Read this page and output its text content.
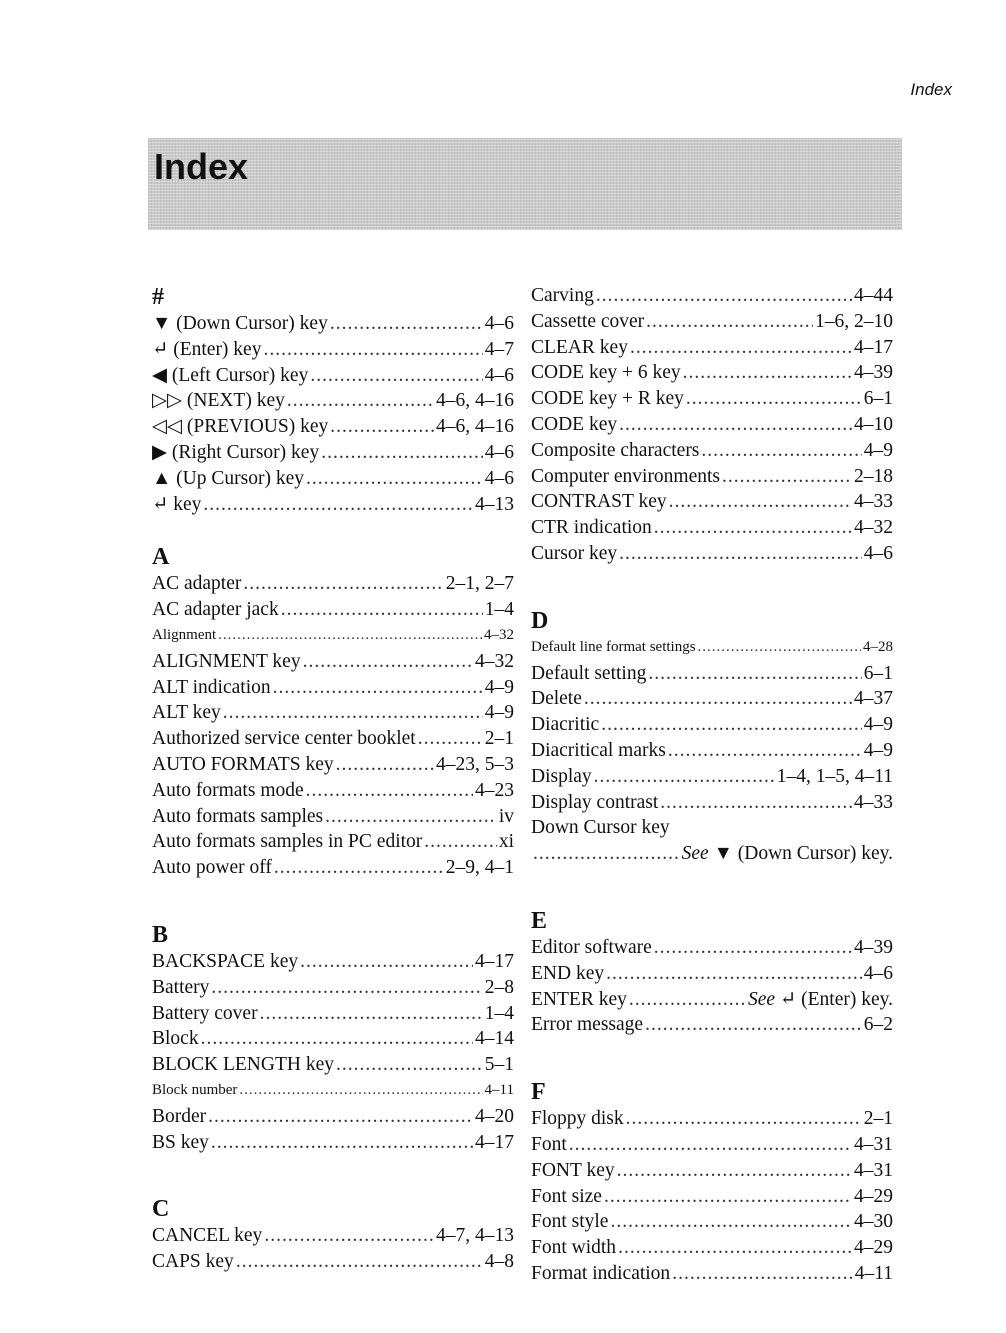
Index
Index
#
▼ (Down Cursor) key .....	4–6
↵ (Enter) key .....	4–7
◀ (Left Cursor) key .....	4–6
▷▷ (NEXT) key .....	4–6, 4–16
◁◁ (PREVIOUS) key .....	4–6, 4–16
▶ (Right Cursor) key .....	4–6
▲ (Up Cursor) key .....	4–6
↵ key .....	4–13
A
AC adapter .....	2–1, 2–7
AC adapter jack .....	1–4
Alignment .....	4–32
ALIGNMENT key .....	4–32
ALT indication .....	4–9
ALT key .....	4–9
Authorized service center booklet .....	2–1
AUTO FORMATS key .....	4–23, 5–3
Auto formats mode .....	4–23
Auto formats samples .....	iv
Auto formats samples in PC editor .....	xi
Auto power off .....	2–9, 4–1
B
BACKSPACE key .....	4–17
Battery .....	2–8
Battery cover .....	1–4
Block .....	4–14
BLOCK LENGTH key .....	5–1
Block number .....	4–11
Border .....	4–20
BS key .....	4–17
C
CANCEL key .....	4–7, 4–13
CAPS key .....	4–8
Carving .....	4–44
Cassette cover .....	1–6, 2–10
CLEAR key .....	4–17
CODE key + 6 key .....	4–39
CODE key + R key .....	6–1
CODE key .....	4–10
Composite characters .....	4–9
Computer environments .....	2–18
CONTRAST key .....	4–33
CTR indication .....	4–32
Cursor key .....	4–6
D
Default line format settings .....	4–28
Default setting .....	6–1
Delete .....	4–37
Diacritic .....	4–9
Diacritical marks .....	4–9
Display .....	1–4, 1–5, 4–11
Display contrast .....	4–33
Down Cursor key
.....
See ▼ (Down Cursor) key.
E
Editor software .....	4–39
END key .....	4–6
ENTER key .....	See ↵ (Enter) key.
Error message .....	6–2
F
Floppy disk .....	2–1
Font .....	4–31
FONT key .....	4–31
Font size .....	4–29
Font style .....	4–30
Font width .....	4–29
Format indication .....	4–11
